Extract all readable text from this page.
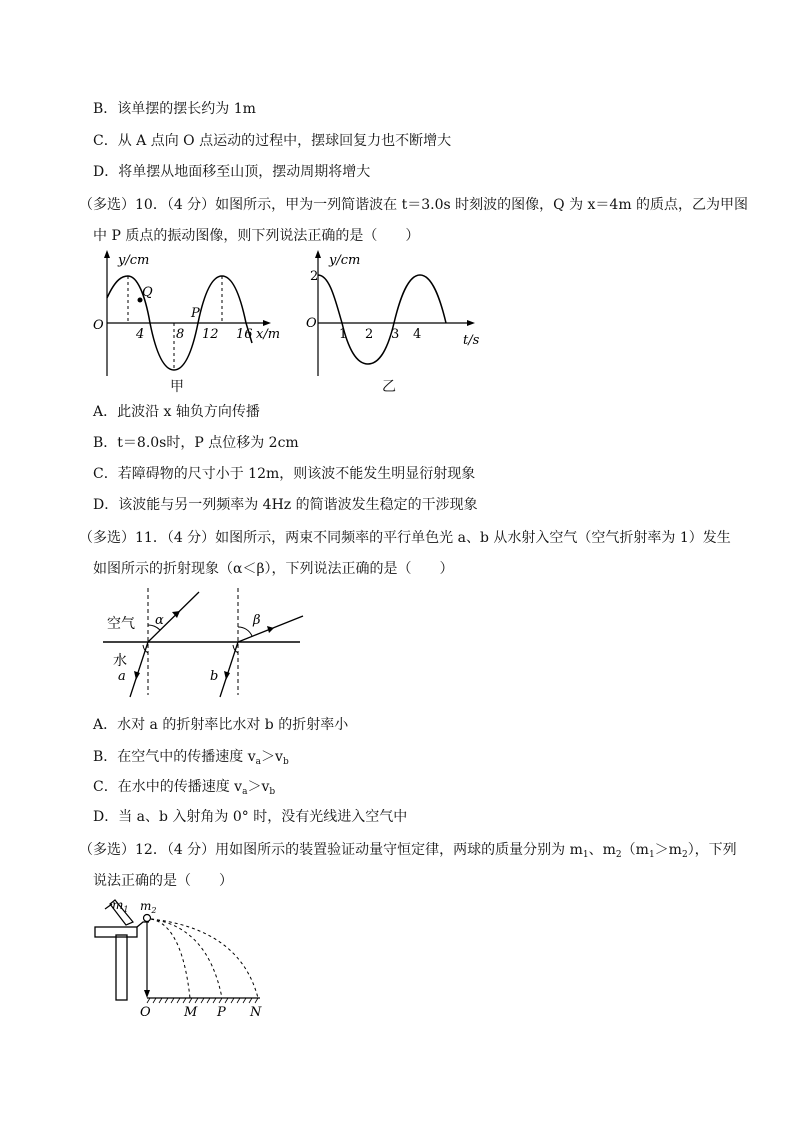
B．该单摆的摆长约为 1m
C．从 A 点向 O 点运动的过程中，摆球回复力也不断增大
D．将单摆从地面移至山顶，摆动周期将增大
（多选）10．（4 分）如图所示，甲为一列简谐波在 t＝3.0s 时刻波的图像，Q 为 x＝4m 的质点，乙为甲图
中 P 质点的振动图像，则下列说法正确的是（　　）
y/cm
O
Q
P
4 8 12 16 x/m
甲
y/cm
2
O
1 2 3 4	t/s
乙
A．此波沿 x 轴负方向传播
B．t＝8.0s时，P 点位移为 2cm
C．若障碍物的尺寸小于 12m，则该波不能发生明显衍射现象
D．该波能与另一列频率为 4Hz 的简谐波发生稳定的干涉现象
（多选）11．（4 分）如图所示，两束不同频率的平行单色光 a、b 从水射入空气（空气折射率为 1）发生
如图所示的折射现象（α＜β），下列说法正确的是（　　）
空气
水
α	β
a	b
A．水对 a 的折射率比水对 b 的折射率小
B．在空气中的传播速度 $v_a>v_b$
C．在水中的传播速度 $v_a>v_b$
D．当 a、b 入射角为 0° 时，没有光线进入空气中
（多选）12．（4 分）用如图所示的装置验证动量守恒定律，两球的质量分别为 $m_1$、$m_2(m_1>m_2)$，下列
说法正确的是（　　）
$m_1$ $m_2$
O	M P N
